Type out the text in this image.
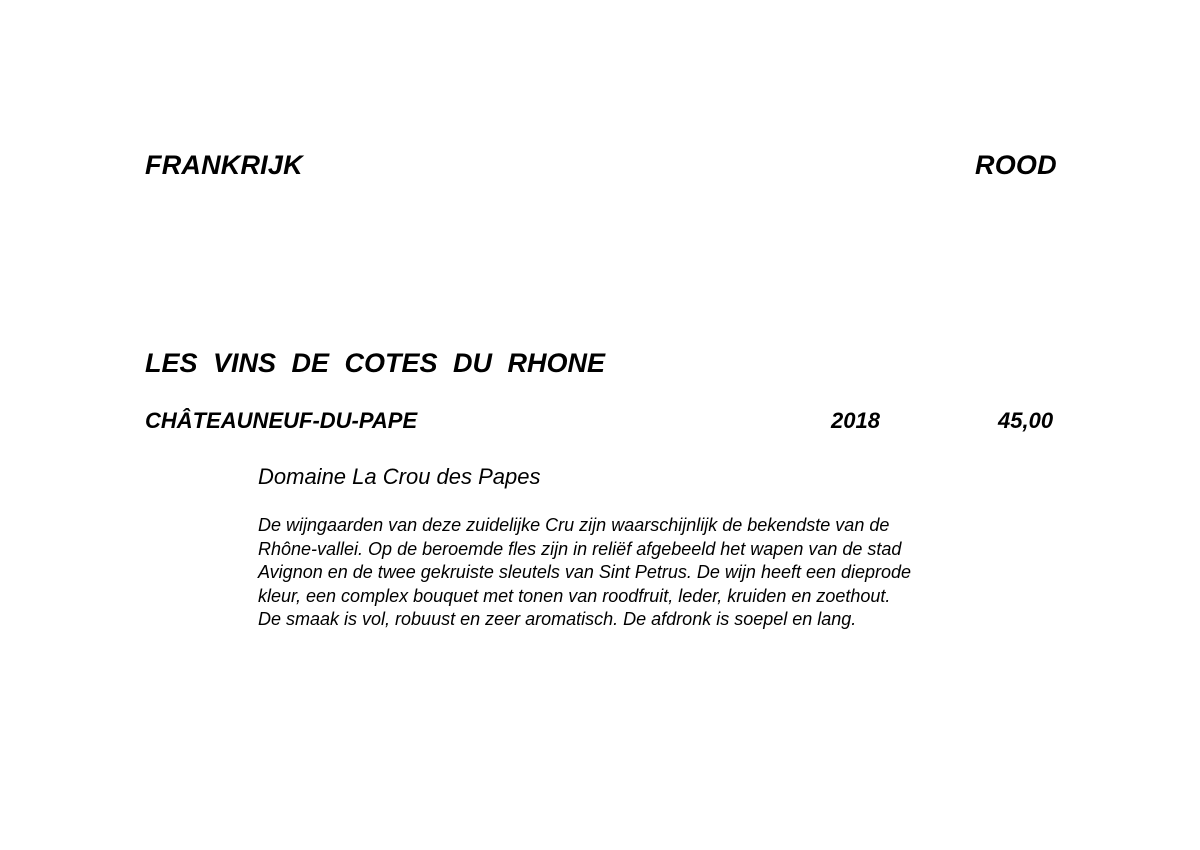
FRANKRIJK	ROOD
LES VINS DE COTES DU RHONE
CHÂTEAUNEUF-DU-PAPE	2018	45,00
Domaine La Crou des Papes
De wijngaarden van deze zuidelijke Cru zijn waarschijnlijk de bekendste van de
Rhône-vallei. Op de beroemde fles zijn in reliëf afgebeeld het wapen van de stad
Avignon en de twee gekruiste sleutels van Sint Petrus. De wijn heeft een dieprode
kleur, een complex bouquet met tonen van roodfruit, leder, kruiden en zoethout.
De smaak is vol, robuust en zeer aromatisch. De afdronk is soepel en lang.
